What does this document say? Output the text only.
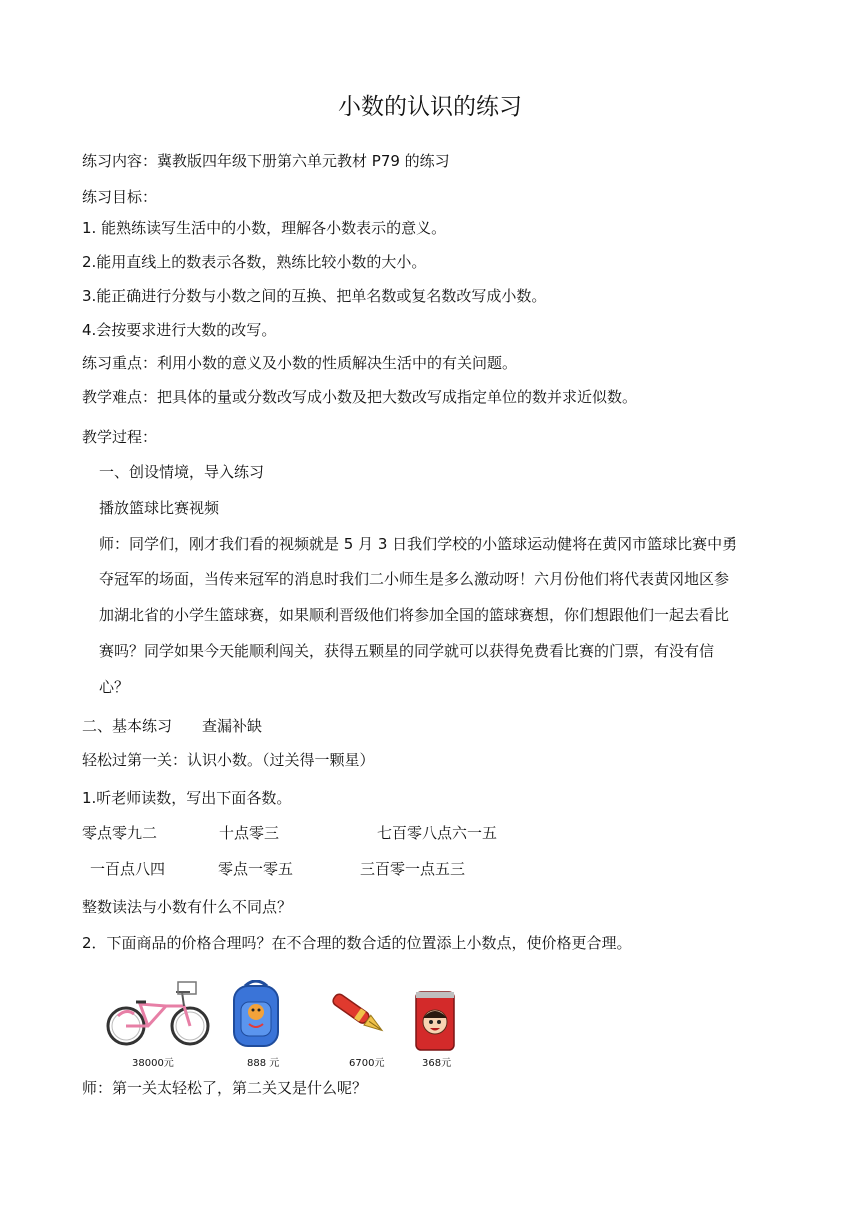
小数的认识的练习
练习内容：冀教版四年级下册第六单元教材 P79 的练习
练习目标：
1. 能熟练读写生活中的小数，理解各小数表示的意义。
2.能用直线上的数表示各数，熟练比较小数的大小。
3.能正确进行分数与小数之间的互换、把单名数或复名数改写成小数。
4.会按要求进行大数的改写。
练习重点：利用小数的意义及小数的性质解决生活中的有关问题。
教学难点：把具体的量或分数改写成小数及把大数改写成指定单位的数并求近似数。
教学过程：
一、创设情境，导入练习
播放篮球比赛视频
师：同学们，刚才我们看的视频就是 5 月 3 日我们学校的小篮球运动健将在黄冈市篮球比赛中勇
夺冠军的场面，当传来冠军的消息时我们二小师生是多么激动呀！六月份他们将代表黄冈地区参
加湖北省的小学生篮球赛，如果顺利晋级他们将参加全国的篮球赛想，你们想跟他们一起去看比
赛吗？同学如果今天能顺利闯关，获得五颗星的同学就可以获得免费看比赛的门票，有没有信
心？
二、基本练习　　查漏补缺
轻松过第一关：认识小数。（过关得一颗星）
1.听老师读数，写出下面各数。
零点零九二	十点零三	七百零八点六一五
一百点八四	零点一零五	三百零一点五三
整数读法与小数有什么不同点？
2．下面商品的价格合理吗？在不合理的数合适的位置添上小数点，使价格更合理。
38000元	888 元	6700元	368元
师：第一关太轻松了，第二关又是什么呢？
